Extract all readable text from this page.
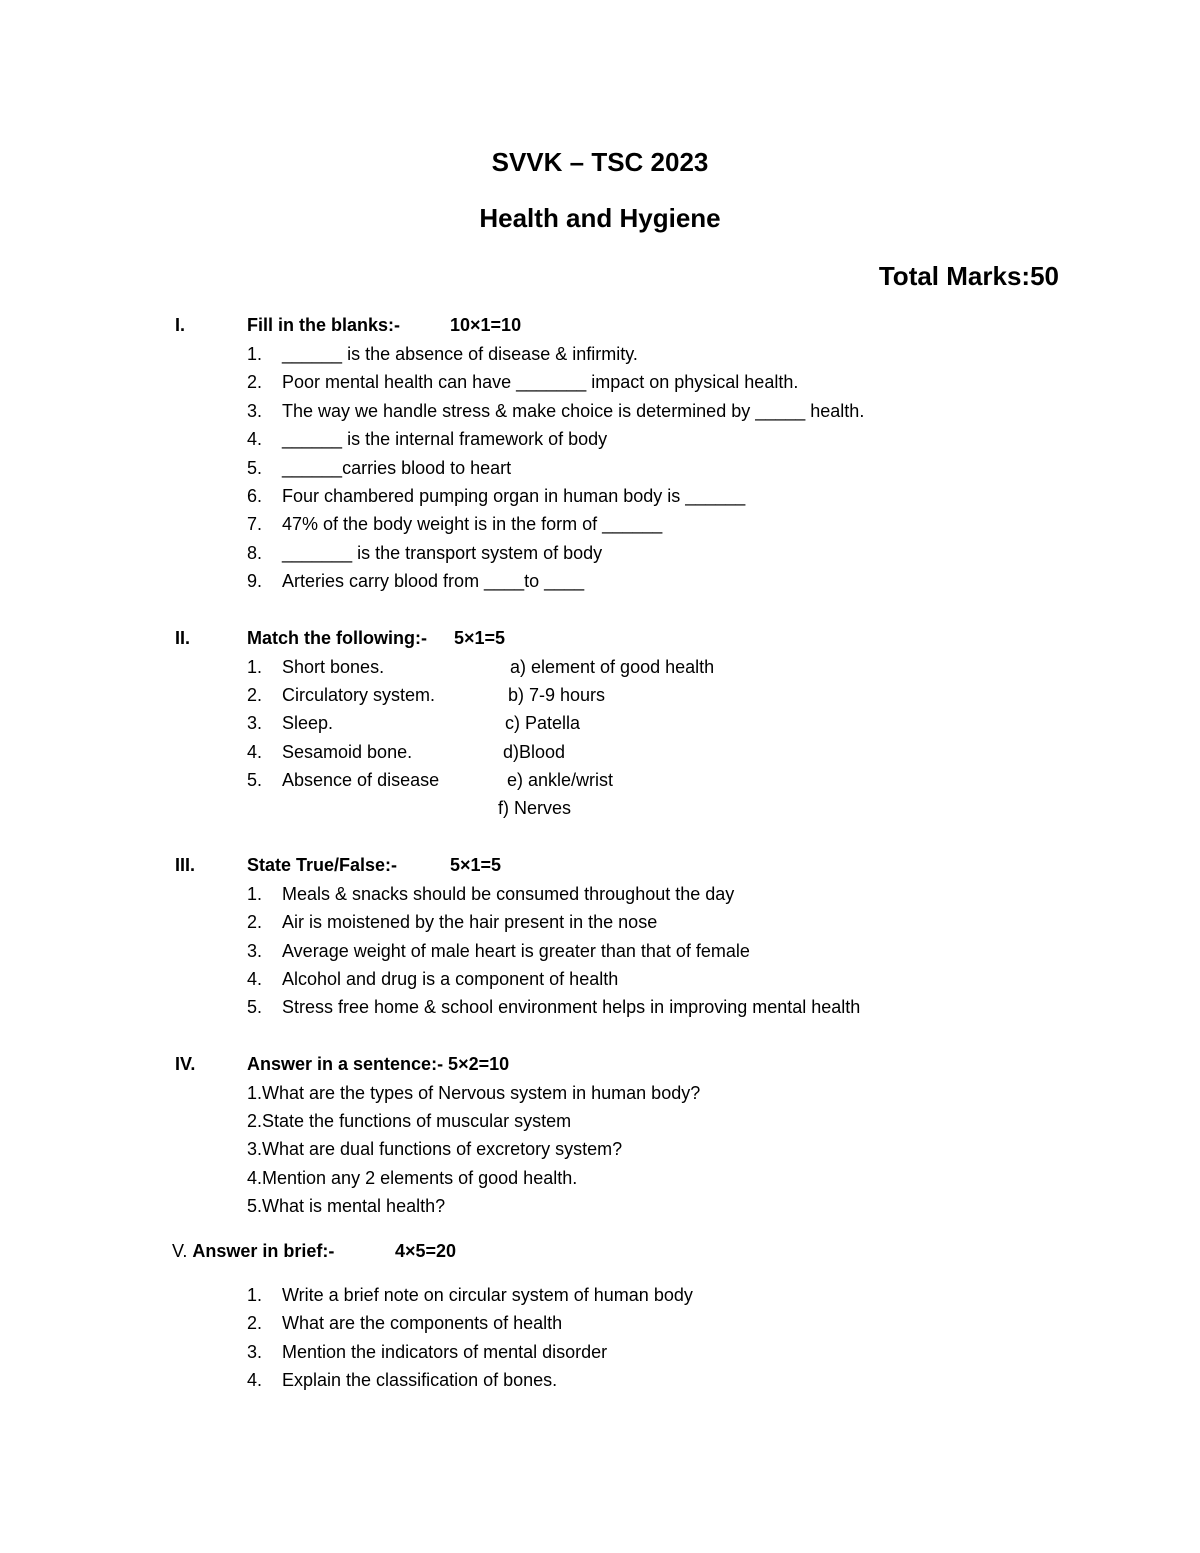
SVVK – TSC 2023
Health and Hygiene
Total Marks:50
I.	Fill in the blanks:-	10×1=10
1. ______ is the absence of disease & infirmity.
2. Poor mental health can have _______ impact on physical health.
3. The way we handle stress & make choice is determined by _____ health.
4. ______ is the internal framework of body
5. ______carries blood to heart
6. Four chambered pumping organ in human body is ______
7. 47% of the body weight is in the form of ______
8. _______ is the transport system of body
9. Arteries carry blood from ____to ____
II.	Match the following:- 5×1=5
1. Short bones.	a) element of good health
2. Circulatory system.	b) 7-9 hours
3. Sleep.	c) Patella
4. Sesamoid bone.	d)Blood
5. Absence of disease	e) ankle/wrist
f) Nerves
III.	State True/False:-	5×1=5
1. Meals & snacks should be consumed throughout the day
2. Air is moistened by the hair present in the nose
3. Average weight of male heart is greater than that of female
4. Alcohol and drug is a component of health
5. Stress free home & school environment helps in improving mental health
IV.	Answer in a sentence:- 5×2=10
1.What are the types of Nervous system in human body?
2.State the functions of muscular system
3.What are dual functions of excretory system?
4.Mention any 2 elements of good health.
5.What is mental health?
V. Answer in brief:-	4×5=20
1. Write a brief note on circular system of human body
2. What are the components of health
3. Mention the indicators of mental disorder
4. Explain the classification of bones.
